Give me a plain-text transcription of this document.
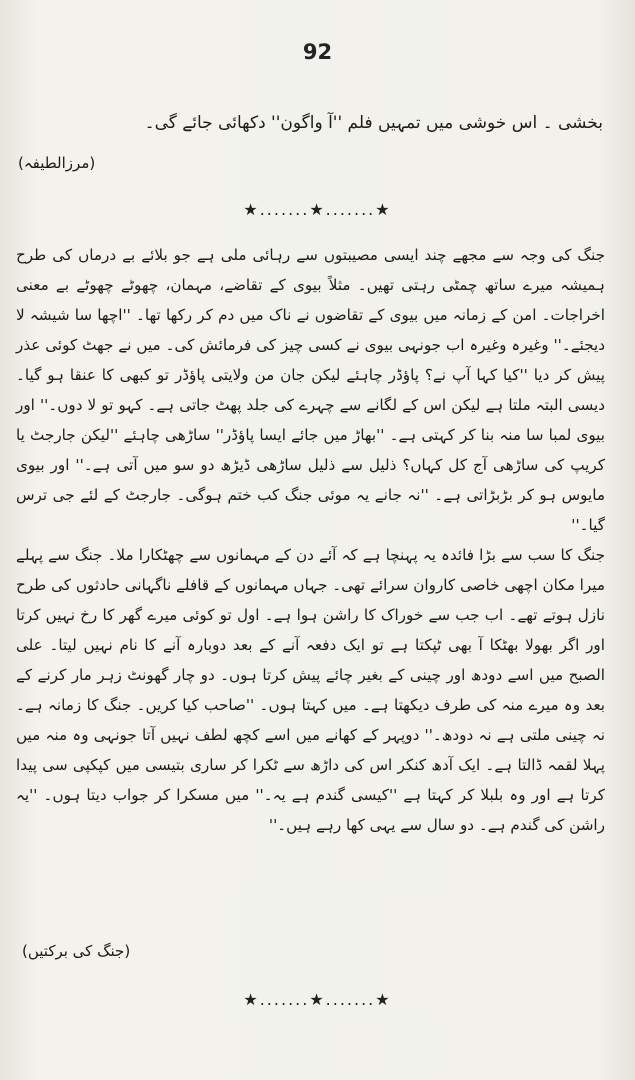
92
بخشی ۔ اس خوشی میں تمہیں فلم ''آ واگون'' دکھائی جائے گی۔
(مرزالطیفہ)
★.......★.......★

جنگ کی وجہ سے مجھے چند ایسی مصیبتوں سے رہائی ملی ہے جو بلائے بے درماں کی طرح ہمیشہ میرے ساتھ چمٹی رہتی تھیں۔ مثلاً بیوی کے تقاضے، مہمان، چھوٹے چھوٹے بے معنی اخراجات۔ امن کے زمانہ میں بیوی کے تقاضوں نے ناک میں دم کر رکھا تھا۔ ''اچھا سا شیشہ لا دیجئے۔'' وغیرہ وغیرہ اب جونہی بیوی نے کسی چیز کی فرمائش کی۔ میں نے جھٹ کوئی عذر پیش کر دیا ''کیا کہا آپ نے؟ پاؤڈر چاہئے لیکن جان من ولایتی پاؤڈر تو کبھی کا عنقا ہو گیا۔ دیسی البتہ ملتا ہے لیکن اس کے لگانے سے چہرے کی جلد پھٹ جاتی ہے۔ کہو تو لا دوں۔'' اور بیوی لمبا سا منہ بنا کر کہتی ہے۔ ''بھاڑ میں جائے ایسا پاؤڈر'' ساڑھی چاہئے ''لیکن جارجٹ یا کریپ کی ساڑھی آج کل کہاں؟ ذلیل سے ذلیل ساڑھی ڈیڑھ دو سو میں آتی ہے۔'' اور بیوی مایوس ہو کر بڑبڑاتی ہے۔ ''نہ جانے یہ موئی جنگ کب ختم ہوگی۔ جارجٹ کے لئے جی ترس گیا۔''

جنگ کا سب سے بڑا فائدہ یہ پہنچا ہے کہ آئے دن کے مہمانوں سے چھٹکارا ملا۔ جنگ سے پہلے میرا مکان اچھی خاصی کاروان سرائے تھی۔ جہاں مہمانوں کے قافلے ناگہانی حادثوں کی طرح نازل ہوتے تھے۔ اب جب سے خوراک کا راشن ہوا ہے۔ اول تو کوئی میرے گھر کا رخ نہیں کرتا اور اگر بھولا بھٹکا آ بھی ٹپکتا ہے تو ایک دفعہ آنے کے بعد دوبارہ آنے کا نام نہیں لیتا۔ علی الصبح میں اسے دودھ اور چینی کے بغیر چائے پیش کرتا ہوں۔ دو چار گھونٹ زہر مار کرنے کے بعد وہ میرے منہ کی طرف دیکھتا ہے۔ میں کہتا ہوں۔ ''صاحب کیا کریں۔ جنگ کا زمانہ ہے۔ نہ چینی ملتی ہے نہ دودھ۔'' دوپہر کے کھانے میں اسے کچھ لطف نہیں آتا جونہی وہ منہ میں پہلا لقمہ ڈالتا ہے۔ ایک آدھ کنکر اس کی داڑھ سے ٹکرا کر ساری بتیسی میں کپکپی سی پیدا کرتا ہے اور وہ بلبلا کر کہتا ہے ''کیسی گندم ہے یہ۔'' میں مسکرا کر جواب دیتا ہوں۔ ''یہ راشن کی گندم ہے۔ دو سال سے یہی کھا رہے ہیں۔''

(جنگ کی برکتیں)
★.......★.......★
